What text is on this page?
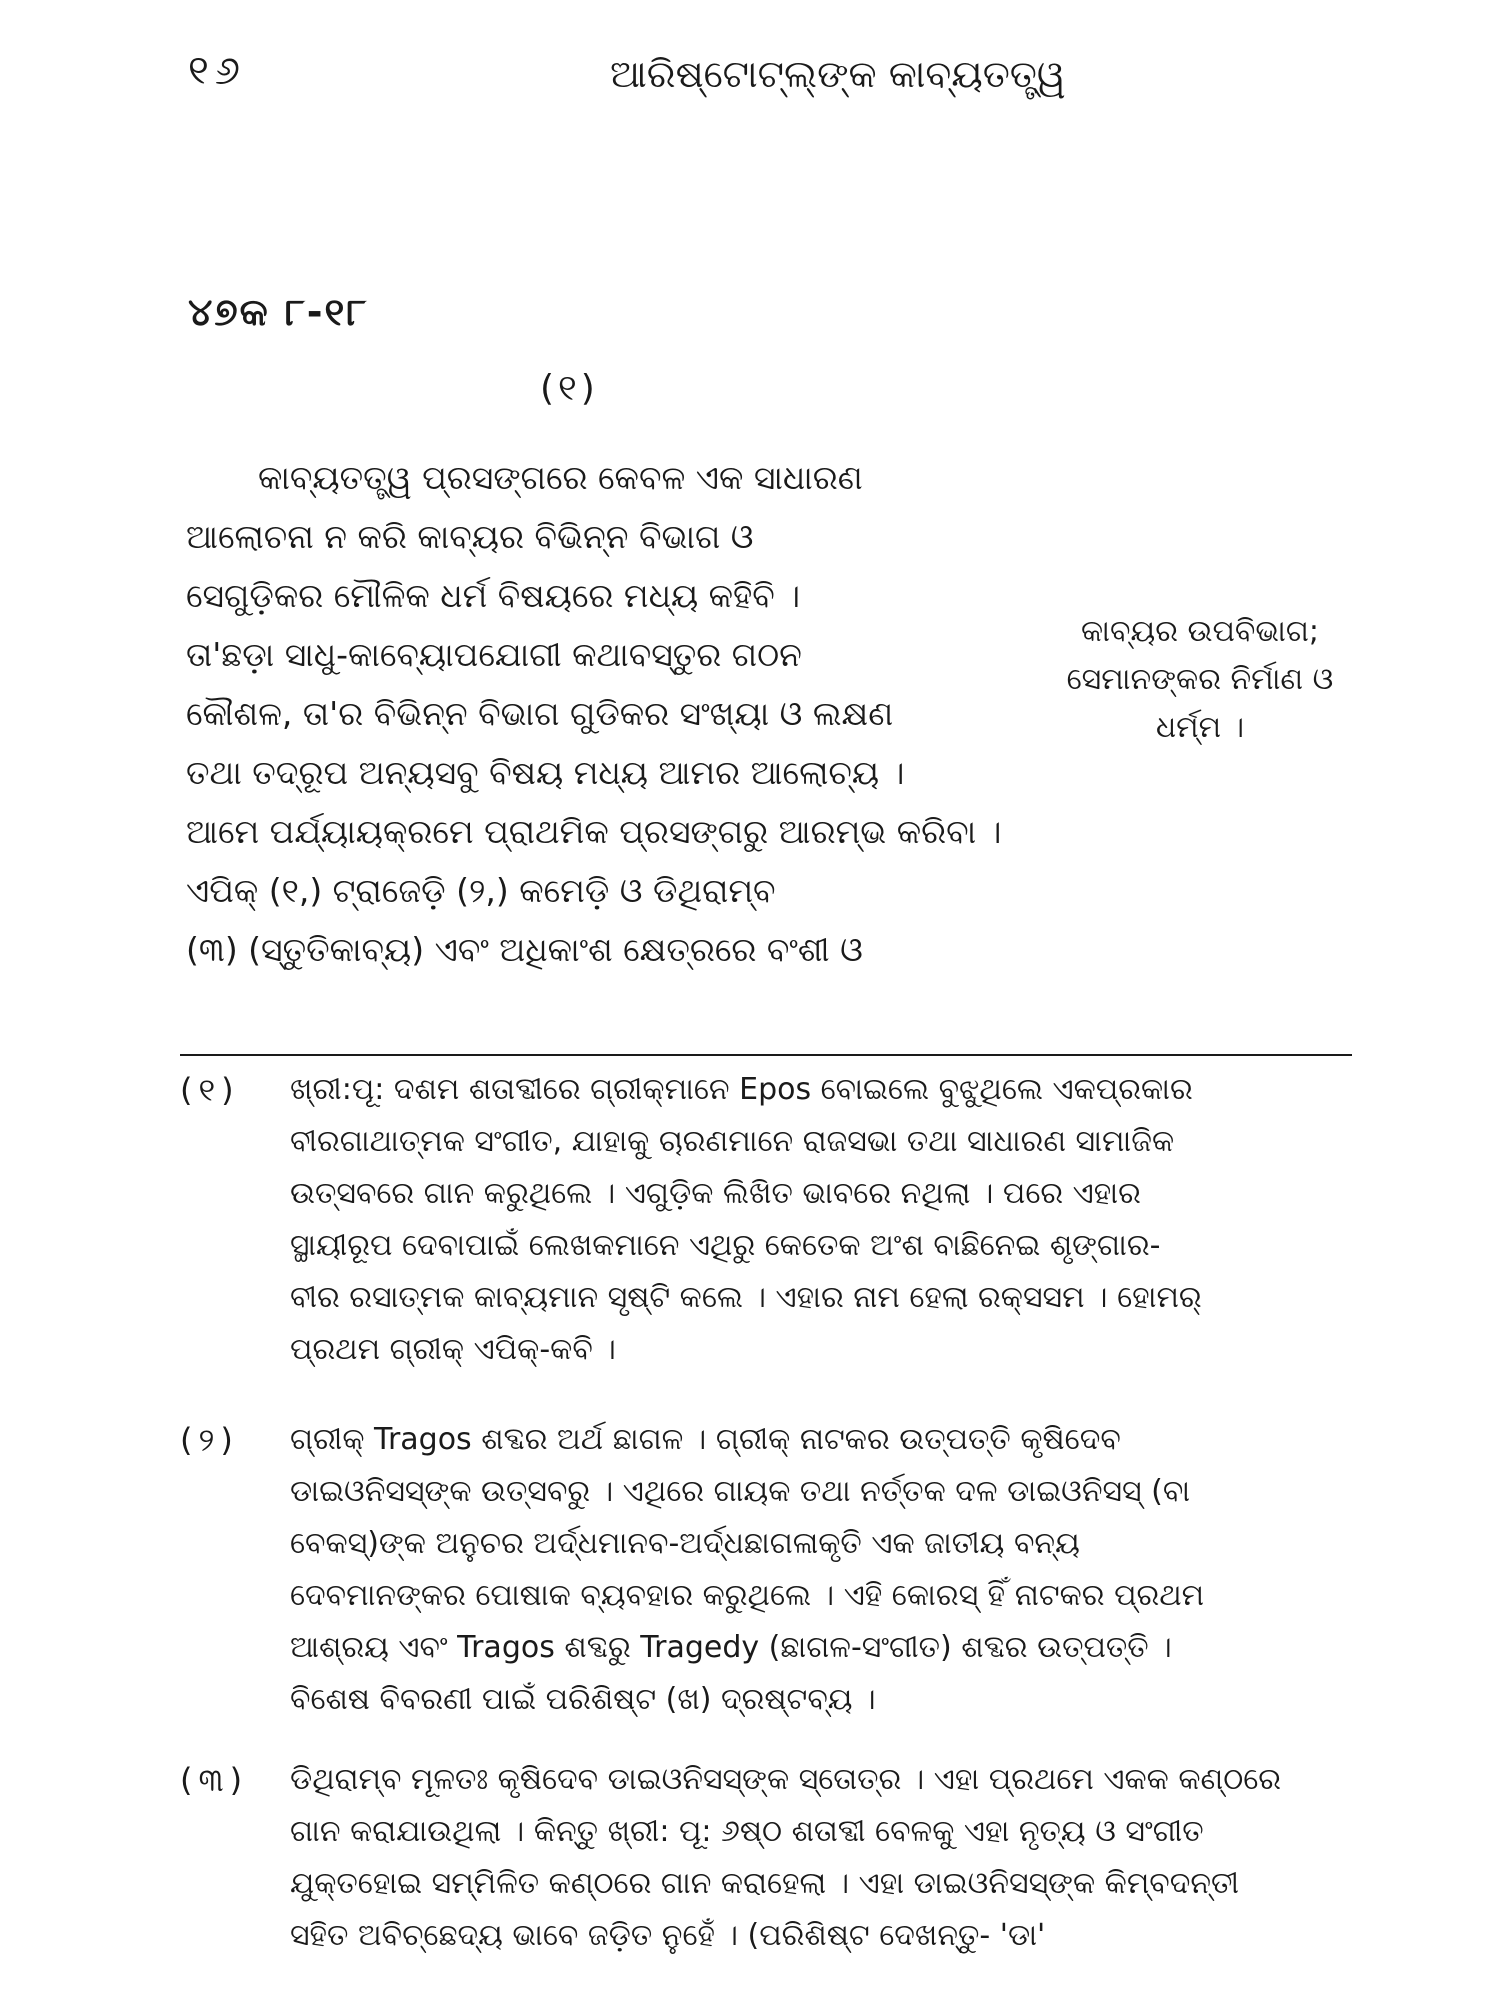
୧୬	ଆରିଷ୍ଟୋଟ୍‌ଲ୍‌ଙ୍କ କାବ୍ୟତତ୍ତ୍ୱ
୪୭କ ୮-୧୮
(୧)
କାବ୍ୟତତ୍ତ୍ୱ ପ୍ରସଙ୍ଗରେ କେବଳ ଏକ ସାଧାରଣ
ଆଲୋଚନା ନ କରି କାବ୍ୟର ବିଭିନ୍ନ ବିଭାଗ ଓ
ସେଗୁଡ଼ିକର ମୌଳିକ ଧର୍ମ ବିଷୟରେ ମଧ୍ୟ କହିବି ।
ତା'ଛଡ଼ା ସାଧୁ-କାବ୍ୟୋପଯୋଗୀ କଥାବସ୍ତୁର ଗଠନ
କୌଶଳ, ତା'ର ବିଭିନ୍ନ ବିଭାଗ ଗୁଡିକର ସଂଖ୍ୟା ଓ ଲକ୍ଷଣ
ତଥା ତଦ୍ରୂପ ଅନ୍ୟସବୁ ବିଷୟ ମଧ୍ୟ ଆମର ଆଲୋଚ୍ୟ ।
ଆମେ ପର୍ଯ୍ୟାୟକ୍ରମେ ପ୍ରାଥମିକ ପ୍ରସଙ୍ଗରୁ ଆରମ୍ଭ କରିବା ।
ଏପିକ୍ (୧,) ଟ୍ରାଜେଡ଼ି (୨,) କମେଡ଼ି ଓ ଡିଥିରାମ୍ବ
(୩) (ସ୍ତୁତିକାବ୍ୟ) ଏବଂ ଅଧିକାଂଶ କ୍ଷେତ୍ରରେ ବଂଶୀ ଓ
କାବ୍ୟର ଉପବିଭାଗ;
ସେମାନଙ୍କର ନିର୍ମାଣ ଓ
ଧର୍ମ୍ମ ।
(୧)	ଖ୍ରୀ:ପୂ: ଦଶମ ଶତାବ୍ଦୀରେ ଗ୍ରୀକ୍‌ମାନେ Epos ବୋଇଲେ ବୁଝୁଥିଲେ ଏକପ୍ରକାର
ବୀରଗାଥାତ୍ମକ ସଂଗୀତ, ଯାହାକୁ ଚାରଣମାନେ ରାଜସଭା ତଥା ସାଧାରଣ ସାମାଜିକ
ଉତ୍ସବରେ ଗାନ କରୁଥିଲେ । ଏଗୁଡ଼ିକ ଲିଖିତ ଭାବରେ ନଥିଲା । ପରେ ଏହାର
ସ୍ଥାୟୀରୂପ ଦେବାପାଇଁ ଲେଖକମାନେ ଏଥିରୁ କେତେକ ଅଂଶ ବାଛିନେଇ ଶୃଙ୍ଗାର-
ବୀର ରସାତ୍ମକ କାବ୍ୟମାନ ସୃଷ୍ଟି କଲେ । ଏହାର ନାମ ହେଲା ରକ୍ସସମ । ହୋମର୍
ପ୍ରଥମ ଗ୍ରୀକ୍ ଏପିକ୍-କବି ।
(୨)	ଗ୍ରୀକ୍ Tragos ଶବ୍ଦର ଅର୍ଥ ଛାଗଳ । ଗ୍ରୀକ୍ ନାଟକର ଉତ୍ପତ୍ତି କୃଷିଦେବ
ଡାଇଓନିସସ୍‌ଙ୍କ ଉତ୍ସବରୁ । ଏଥିରେ ଗାୟକ ତଥା ନର୍ତ୍ତକ ଦଳ ଡାଇଓନିସସ୍ (ବା
ବେକସ୍)ଙ୍କ ଅନୁଚର ଅର୍ଦ୍ଧମାନବ-ଅର୍ଦ୍ଧଛାଗଳାକୃତି ଏକ ଜାତୀୟ ବନ୍ୟ
ଦେବମାନଙ୍କର ପୋଷାକ ବ୍ୟବହାର କରୁଥିଲେ । ଏହି କୋରସ୍ ହିଁ ନାଟକର ପ୍ରଥମ
ଆଶ୍ରୟ ଏବଂ Tragos ଶବ୍ଦରୁ Tragedy (ଛାଗଳ-ସଂଗୀତ) ଶବ୍ଦର ଉତ୍ପତ୍ତି ।
ବିଶେଷ ବିବରଣୀ ପାଇଁ ପରିଶିଷ୍ଟ (ଖ) ଦ୍ରଷ୍ଟବ୍ୟ ।
(୩)	ଡିଥିରାମ୍ବ ମୂଳତଃ କୃଷିଦେବ ଡାଇଓନିସସ୍‌ଙ୍କ ସ୍ତୋତ୍ର । ଏହା ପ୍ରଥମେ ଏକକ କଣ୍ଠରେ
ଗାନ କରାଯାଉଥିଲା । କିନ୍ତୁ ଖ୍ରୀ: ପୂ: ୬ଷ୍ଠ ଶତାବ୍ଦୀ ବେଳକୁ ଏହା ନୃତ୍ୟ ଓ ସଂଗୀତ
ଯୁକ୍ତହୋଇ ସମ୍ମିଳିତ କଣ୍ଠରେ ଗାନ କରାହେଲା । ଏହା ଡାଇଓନିସସ୍‌ଙ୍କ କିମ୍ବଦନ୍ତୀ
ସହିତ ଅବିଚ୍ଛେଦ୍ୟ ଭାବେ ଜଡ଼ିତ ନୁହେଁ । (ପରିଶିଷ୍ଟ ଦେଖନ୍ତୁ- 'ଡା'
